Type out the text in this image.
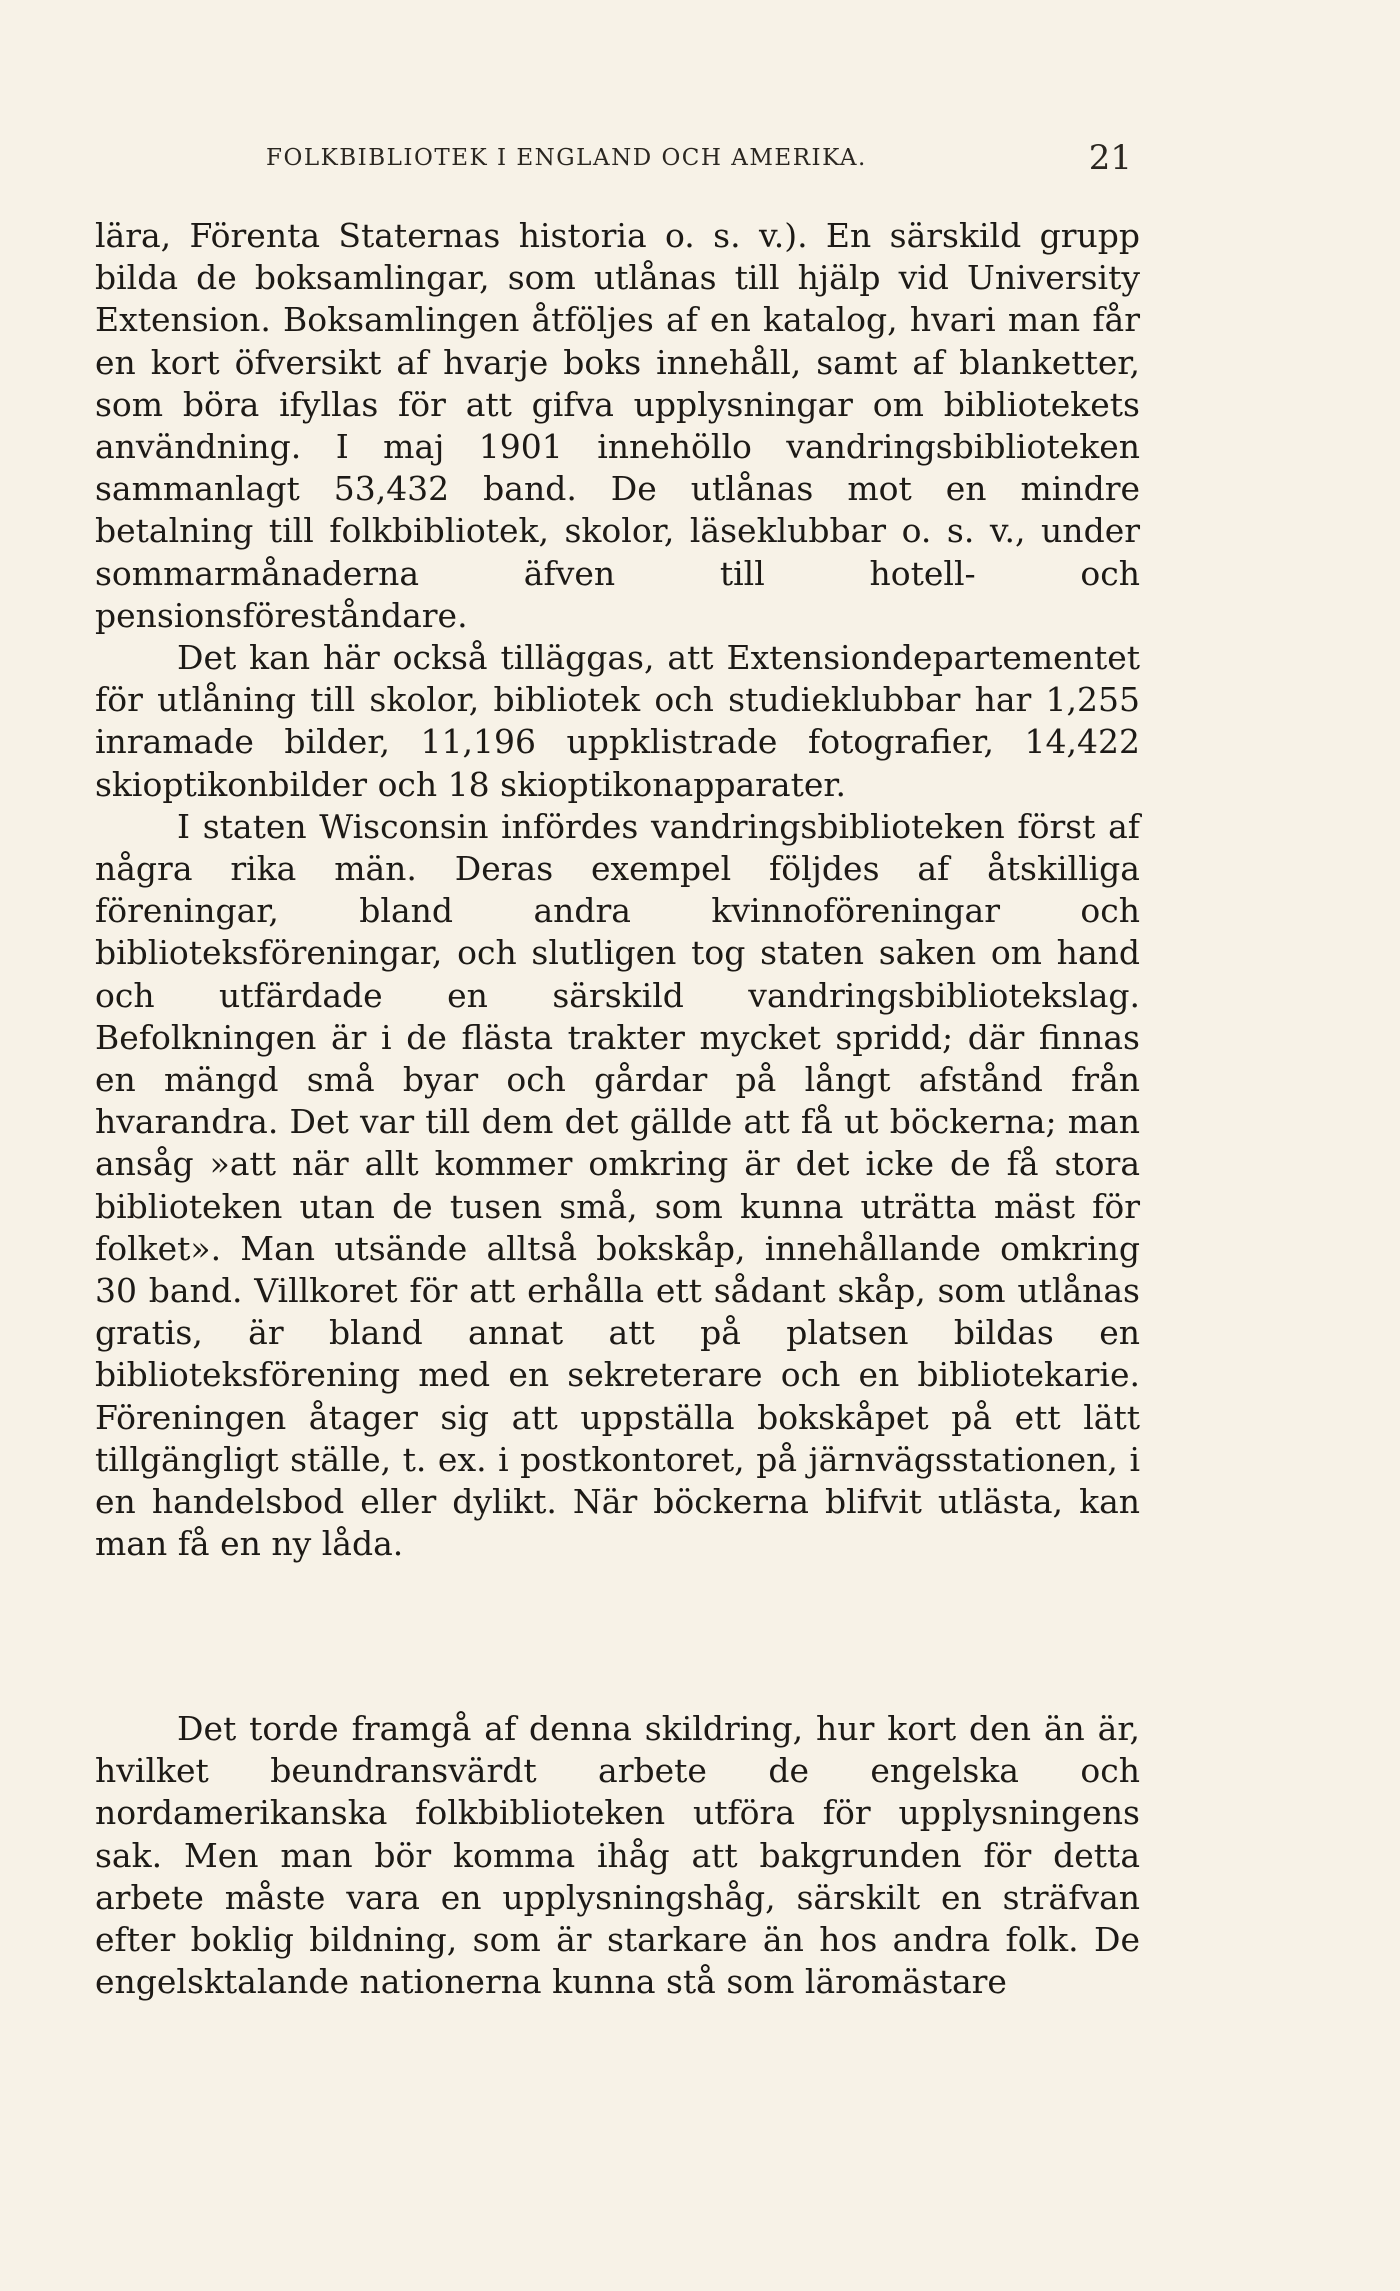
FOLKBIBLIOTEK I ENGLAND OCH AMERIKA.	21

lära, Förenta Staternas historia o. s. v.). En särskild grupp bilda de boksamlingar, som utlånas till hjälp vid University Extension. Boksamlingen åtföljes af en katalog, hvari man får en kort öfversikt af hvarje boks innehåll, samt af blanketter, som böra ifyllas för att gifva upplysningar om bibliotekets användning. I maj 1901 innehöllo vandringsbiblioteken sammanlagt 53,432 band. De utlånas mot en mindre betalning till folkbibliotek, skolor, läseklubbar o. s. v., under sommarmånaderna äfven till hotell- och pensionsföreståndare.

Det kan här också tilläggas, att Extensiondepartementet för utlåning till skolor, bibliotek och studieklubbar har 1,255 inramade bilder, 11,196 uppklistrade fotografier, 14,422 skioptikonbilder och 18 skioptikonapparater.

I staten Wisconsin infördes vandringsbiblioteken först af några rika män. Deras exempel följdes af åtskilliga föreningar, bland andra kvinnoföreningar och biblioteksföreningar, och slutligen tog staten saken om hand och utfärdade en särskild vandringsbibliotekslag. Befolkningen är i de flästa trakter mycket spridd; där finnas en mängd små byar och gårdar på långt afstånd från hvarandra. Det var till dem det gällde att få ut böckerna; man ansåg »att när allt kommer omkring är det icke de få stora biblioteken utan de tusen små, som kunna uträtta mäst för folket». Man utsände alltså bokskåp, innehållande omkring 30 band. Villkoret för att erhålla ett sådant skåp, som utlånas gratis, är bland annat att på platsen bildas en biblioteksförening med en sekreterare och en bibliotekarie. Föreningen åtager sig att uppställa bokskåpet på ett lätt tillgängligt ställe, t. ex. i postkontoret, på järnvägsstationen, i en handelsbod eller dylikt. När böckerna blifvit utlästa, kan man få en ny låda.

Det torde framgå af denna skildring, hur kort den än är, hvilket beundransvärdt arbete de engelska och nordamerikanska folkbiblioteken utföra för upplysningens sak. Men man bör komma ihåg att bakgrunden för detta arbete måste vara en upplysningshåg, särskilt en sträfvan efter boklig bildning, som är starkare än hos andra folk. De engelsktalande nationerna kunna stå som läromästare
